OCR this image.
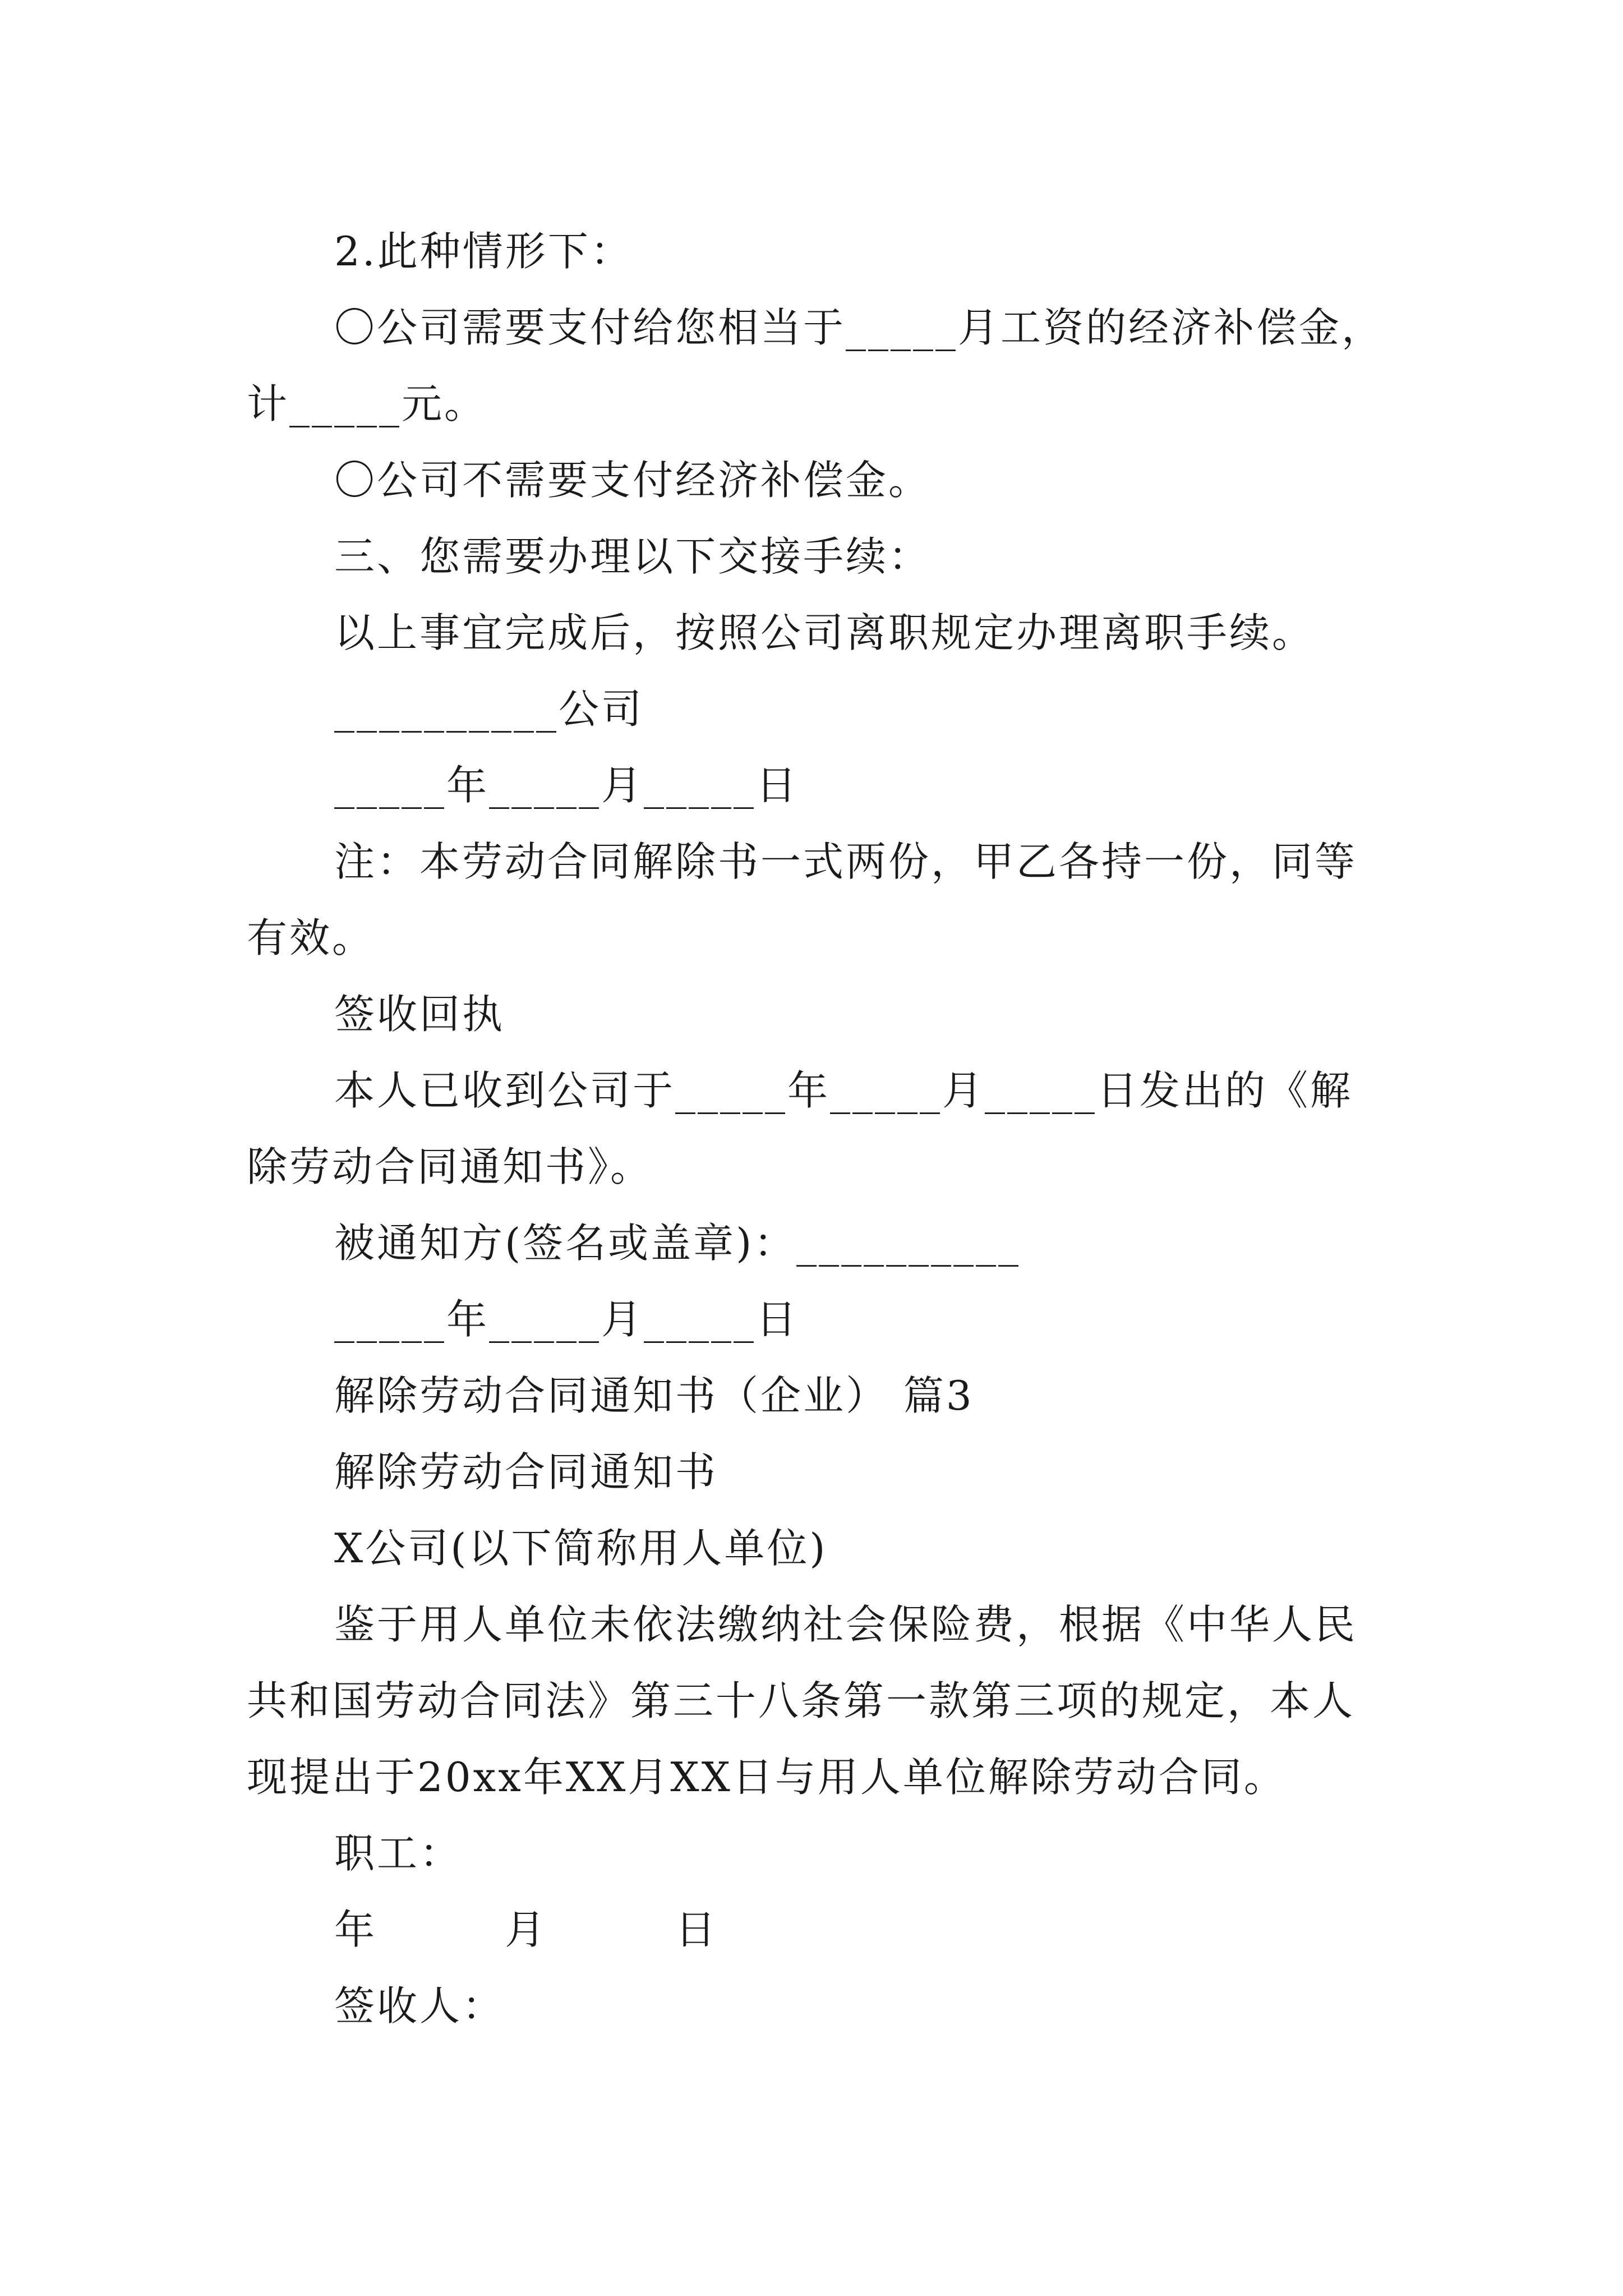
2.此种情形下：

〇公司需要支付给您相当于_____月工资的经济补偿金，计_____元。

〇公司不需要支付经济补偿金。

三、您需要办理以下交接手续：

以上事宜完成后，按照公司离职规定办理离职手续。

__________公司

_____年_____月_____日

注：本劳动合同解除书一式两份，甲乙各持一份，同等有效。

签收回执

本人已收到公司于_____年_____月_____日发出的《解除劳动合同通知书》。

被通知方(签名或盖章)：__________

_____年_____月_____日

解除劳动合同通知书（企业） 篇3

解除劳动合同通知书

X公司(以下简称用人单位)

鉴于用人单位未依法缴纳社会保险费，根据《中华人民共和国劳动合同法》第三十八条第一款第三项的规定，本人现提出于20xx年XX月XX日与用人单位解除劳动合同。

职工：

年　　　月　　　日

签收人：
